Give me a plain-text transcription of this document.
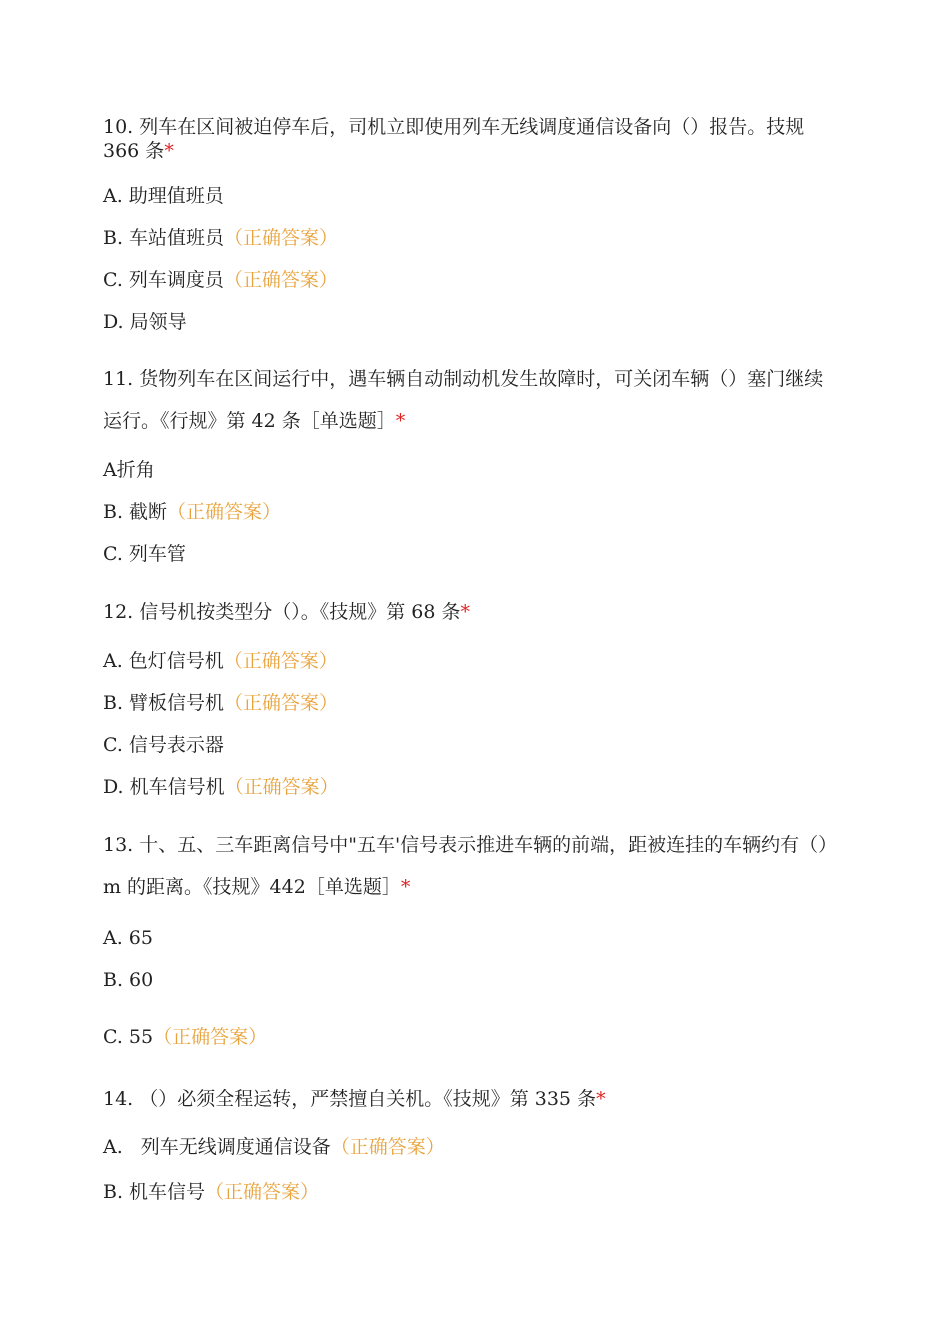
10. 列车在区间被迫停车后，司机立即使用列车无线调度通信设备向（）报告。技规 366 条*
A. 助理值班员
B. 车站值班员（正确答案）
C. 列车调度员（正确答案）
D. 局领导
11. 货物列车在区间运行中，遇车辆自动制动机发生故障时，可关闭车辆（）塞门继续运行。《行规》第 42 条［单选题］*
A折角
B. 截断（正确答案）
C. 列车管
12. 信号机按类型分（）。《技规》第 68 条*
A. 色灯信号机（正确答案）
B. 臂板信号机（正确答案）
C. 信号表示器
D. 机车信号机（正确答案）
13. 十、五、三车距离信号中"五车'信号表示推进车辆的前端，距被连挂的车辆约有（）m 的距离。《技规》442［单选题］*
A. 65
B. 60
C. 55（正确答案）
14. （）必须全程运转，严禁擅自关机。《技规》第 335 条*
A. 列车无线调度通信设备（正确答案）
B. 机车信号（正确答案）
